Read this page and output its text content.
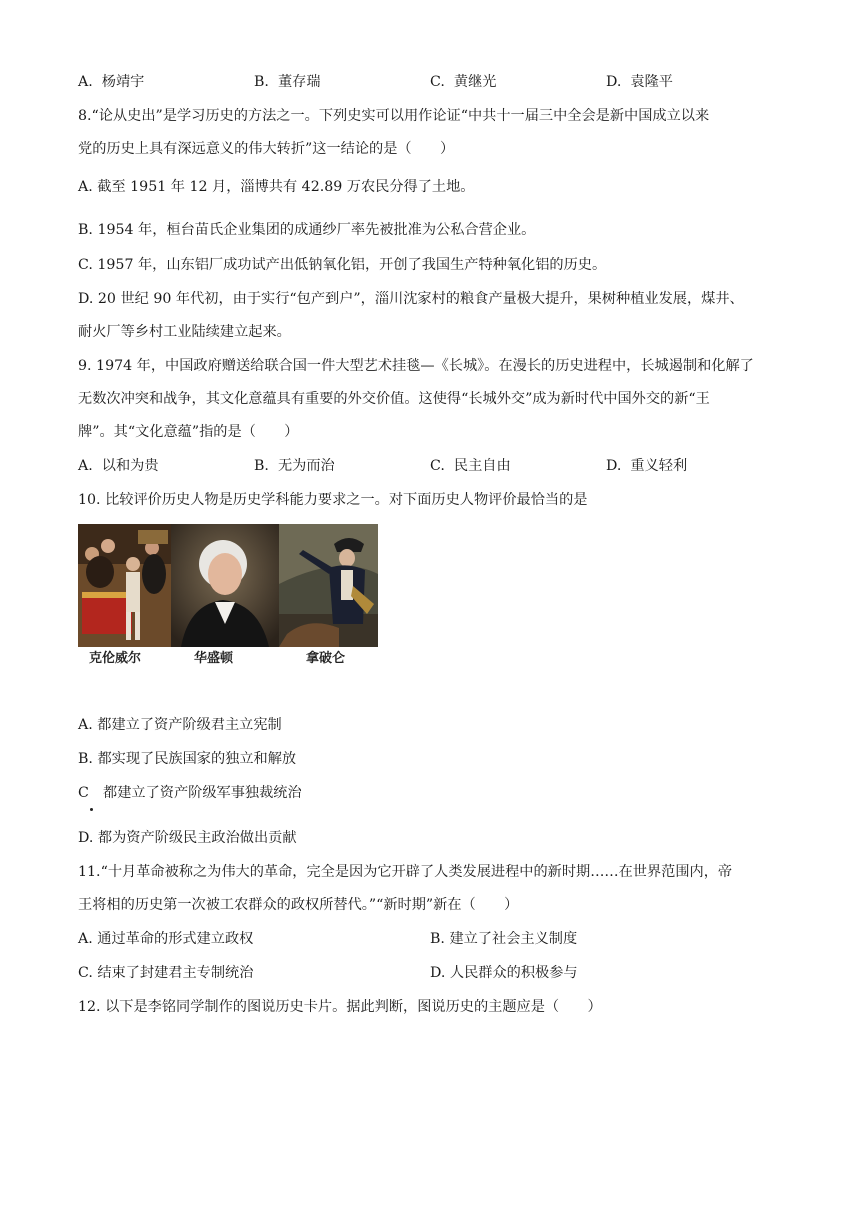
A. 杨靖宇	B. 董存瑞	C. 黄继光	D. 袁隆平
8.“论从史出”是学习历史的方法之一。下列史实可以用作论证“中共十一届三中全会是新中国成立以来
党的历史上具有深远意义的伟大转折”这一结论的是（　　）
A. 截至 1951 年 12 月，淄博共有 42.89 万农民分得了土地。
B. 1954 年，桓台苗氏企业集团的成通纱厂率先被批准为公私合营企业。
C. 1957 年，山东铝厂成功试产出低钠氧化铝，开创了我国生产特种氧化铝的历史。
D. 20 世纪 90 年代初，由于实行“包产到户”，淄川沈家村的粮食产量极大提升，果树种植业发展，煤井、
耐火厂等乡村工业陆续建立起来。
9. 1974 年，中国政府赠送给联合国一件大型艺术挂毯—《长城》。在漫长的历史进程中，长城遏制和化解了
无数次冲突和战争，其文化意蕴具有重要的外交价值。这使得“长城外交”成为新时代中国外交的新“王
牌”。其“文化意蕴”指的是（　　）
A. 以和为贵	B. 无为而治	C. 民主自由	D. 重义轻利
10. 比较评价历史人物是历史学科能力要求之一。对下面历史人物评价最恰当的是
克伦威尔	华盛顿	拿破仑
A. 都建立了资产阶级君主立宪制
B. 都实现了民族国家的独立和解放
C　都建立了资产阶级军事独裁统治
D. 都为资产阶级民主政治做出贡献
11.“十月革命被称之为伟大的革命，完全是因为它开辟了人类发展进程中的新时期……在世界范围内，帝
王将相的历史第一次被工农群众的政权所替代。”“新时期”新在（　　）
A. 通过革命的形式建立政权	B. 建立了社会主义制度
C. 结束了封建君主专制统治	D. 人民群众的积极参与
12. 以下是李铭同学制作的图说历史卡片。据此判断，图说历史的主题应是（　　）
